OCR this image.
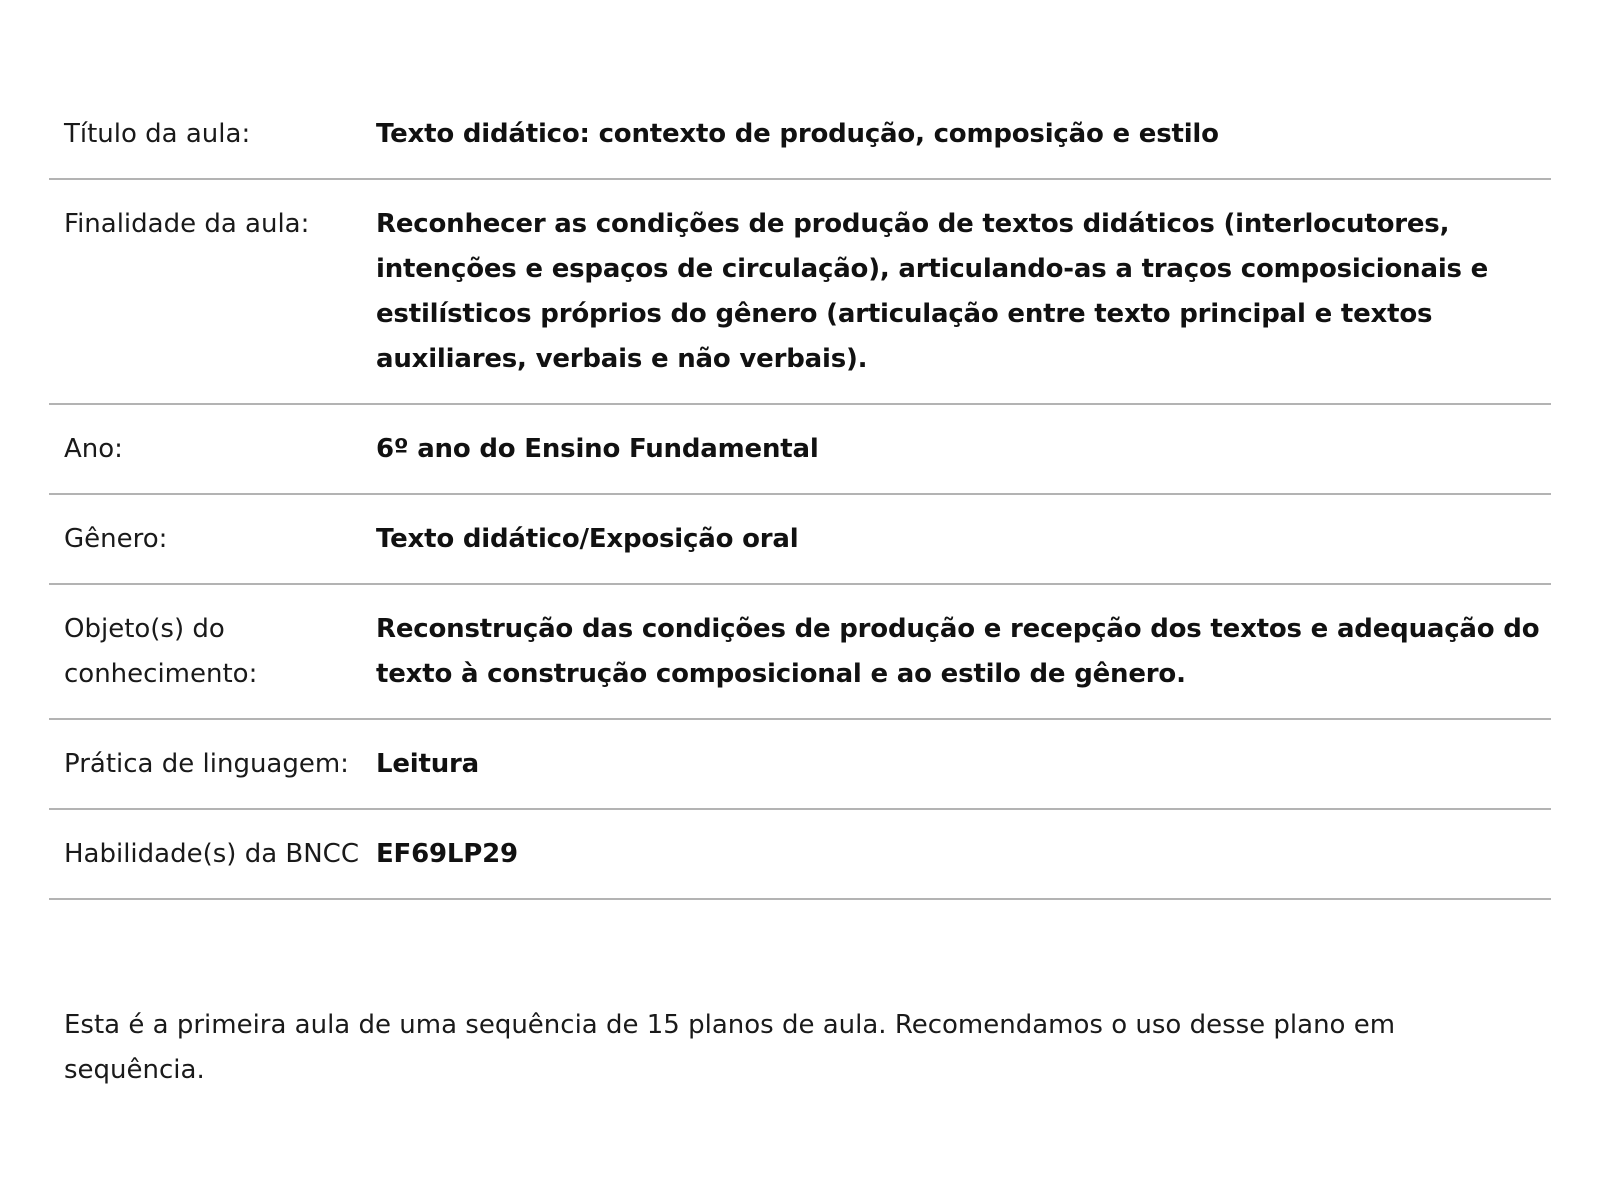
Título da aula:	Texto didático: contexto de produção, composição e estilo
Finalidade da aula:	Reconhecer as condições de produção de textos didáticos (interlocutores, intenções e espaços de circulação), articulando-as a traços composicionais e estilísticos próprios do gênero (articulação entre texto principal e textos auxiliares, verbais e não verbais).
Ano:	6º ano do Ensino Fundamental
Gênero:	Texto didático/Exposição oral
Objeto(s) do conhecimento:
Reconstrução das condições de produção e recepção dos textos e adequação do texto à construção composicional e ao estilo de gênero.
Prática de linguagem:	Leitura
Habilidade(s) da BNCC EF69LP29
Esta é a primeira aula de uma sequência de 15 planos de aula. Recomendamos o uso desse plano em sequência.
